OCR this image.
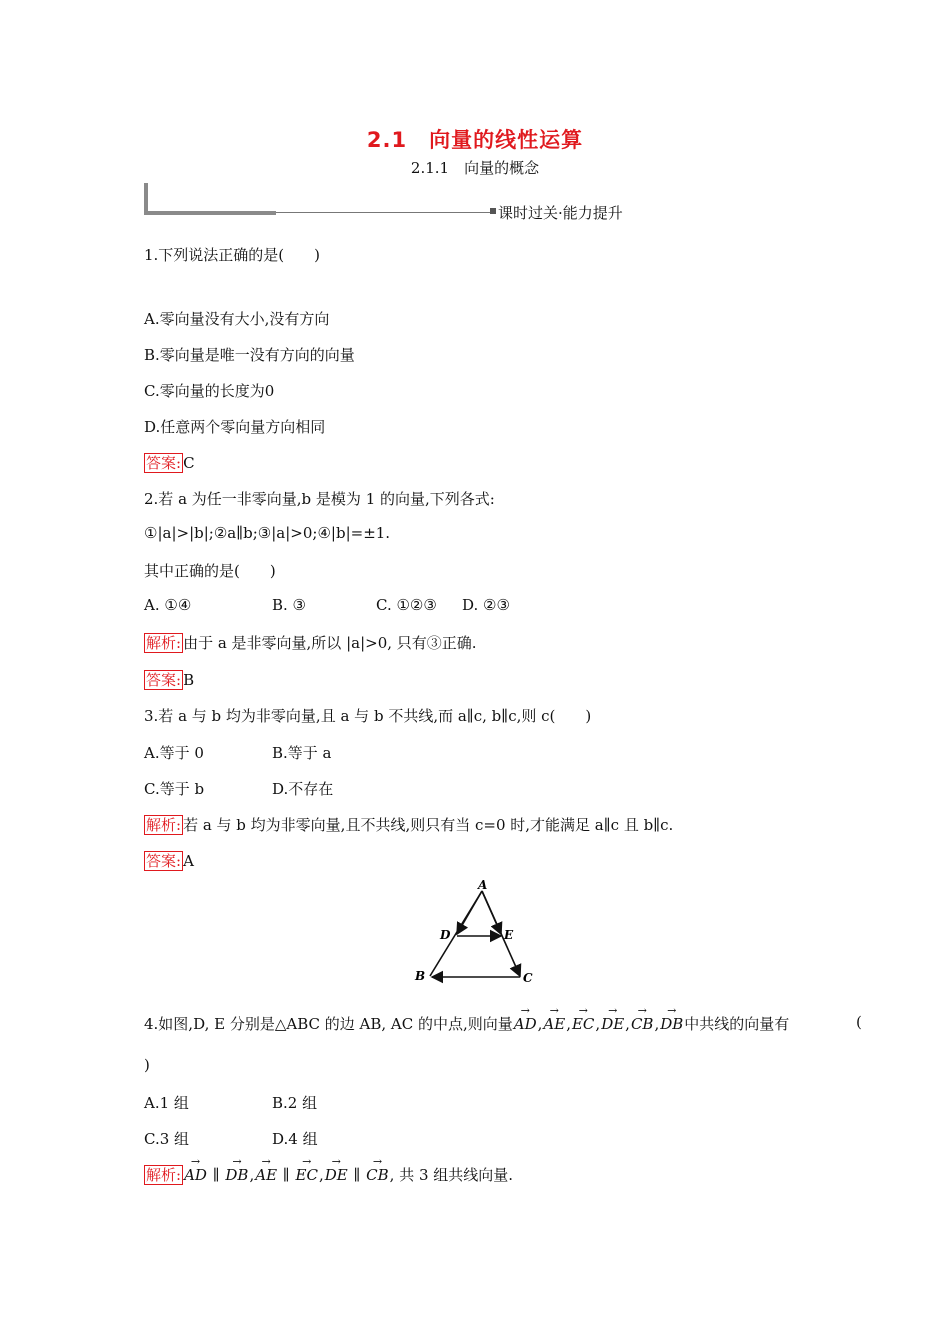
2.1　向量的线性运算
2.1.1　向量的概念
课时过关·能力提升
1.下列说法正确的是(　　)
A.零向量没有大小,没有方向
B.零向量是唯一没有方向的向量
C.零向量的长度为0
D.任意两个零向量方向相同
答案: C
2.若 a 为任一非零向量,b 是模为 1 的向量,下列各式:
①|a|>|b|;②a∥b;③|a|>0;④|b|=±1.
其中正确的是(　　)
A. ①④	B. ③	C. ①②③ D. ②③
解析: 由于 a 是非零向量,所以 |a|>0, 只有③正确.
答案: B
3.若 a 与 b 均为非零向量,且 a 与 b 不共线,而 a∥c, b∥c,则 c(　　)
A.等于 0	B.等于 a
C.等于 b	D.不存在
解析: 若 a 与 b 均为非零向量,且不共线,则只有当 c=0 时,才能满足 a∥c 且 b∥c.
答案: A
A
D	E
B	C
4.如图,D, E 分别是△ABC 的边 AB, AC 的中点,则向量→ AD,→ AE,→ EC,→ DE,→ CB,→ DB中共线的向量有	(
)
A.1 组	B.2 组
C.3 组	D.4 组
解析:→ AD ∥ → DB,→ AE ∥ → EC,→ DE ∥ → CB, 共 3 组共线向量.
